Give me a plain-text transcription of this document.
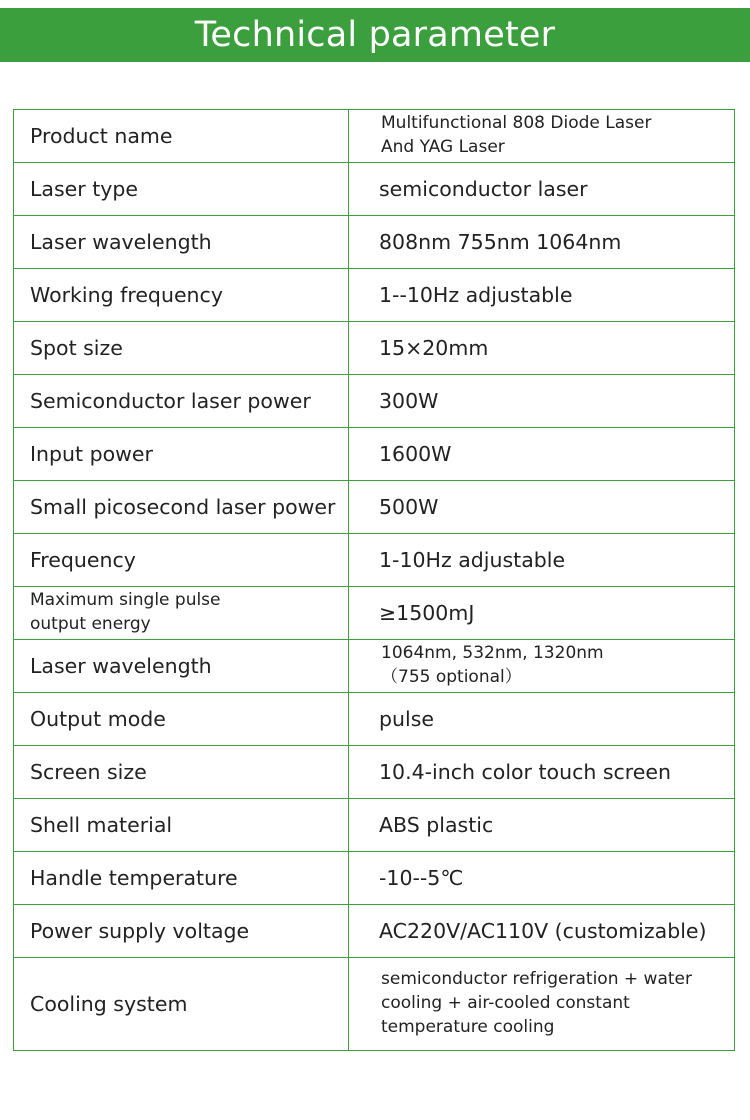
Technical parameter
Product name	Multifunctional 808 Diode Laser And YAG Laser

Laser type	semiconductor laser
Laser wavelength	808nm 755nm 1064nm
Working frequency	1--10Hz adjustable
Spot size	15×20mm
Semiconductor laser power	300W
Input power	1600W
Small picosecond laser power	500W
Frequency	1-10Hz adjustable

Maximum single pulse output energy	≥1500mJ
Laser wavelength	1064nm, 532nm, 1320nm （755 optional）

Output mode	pulse
Screen size	10.4-inch color touch screen
Shell material	ABS plastic
Handle temperature	-10--5℃
Power supply voltage	AC220V/AC110V (customizable)
Cooling system	semiconductor refrigeration + water cooling + air-cooled constant temperature cooling
